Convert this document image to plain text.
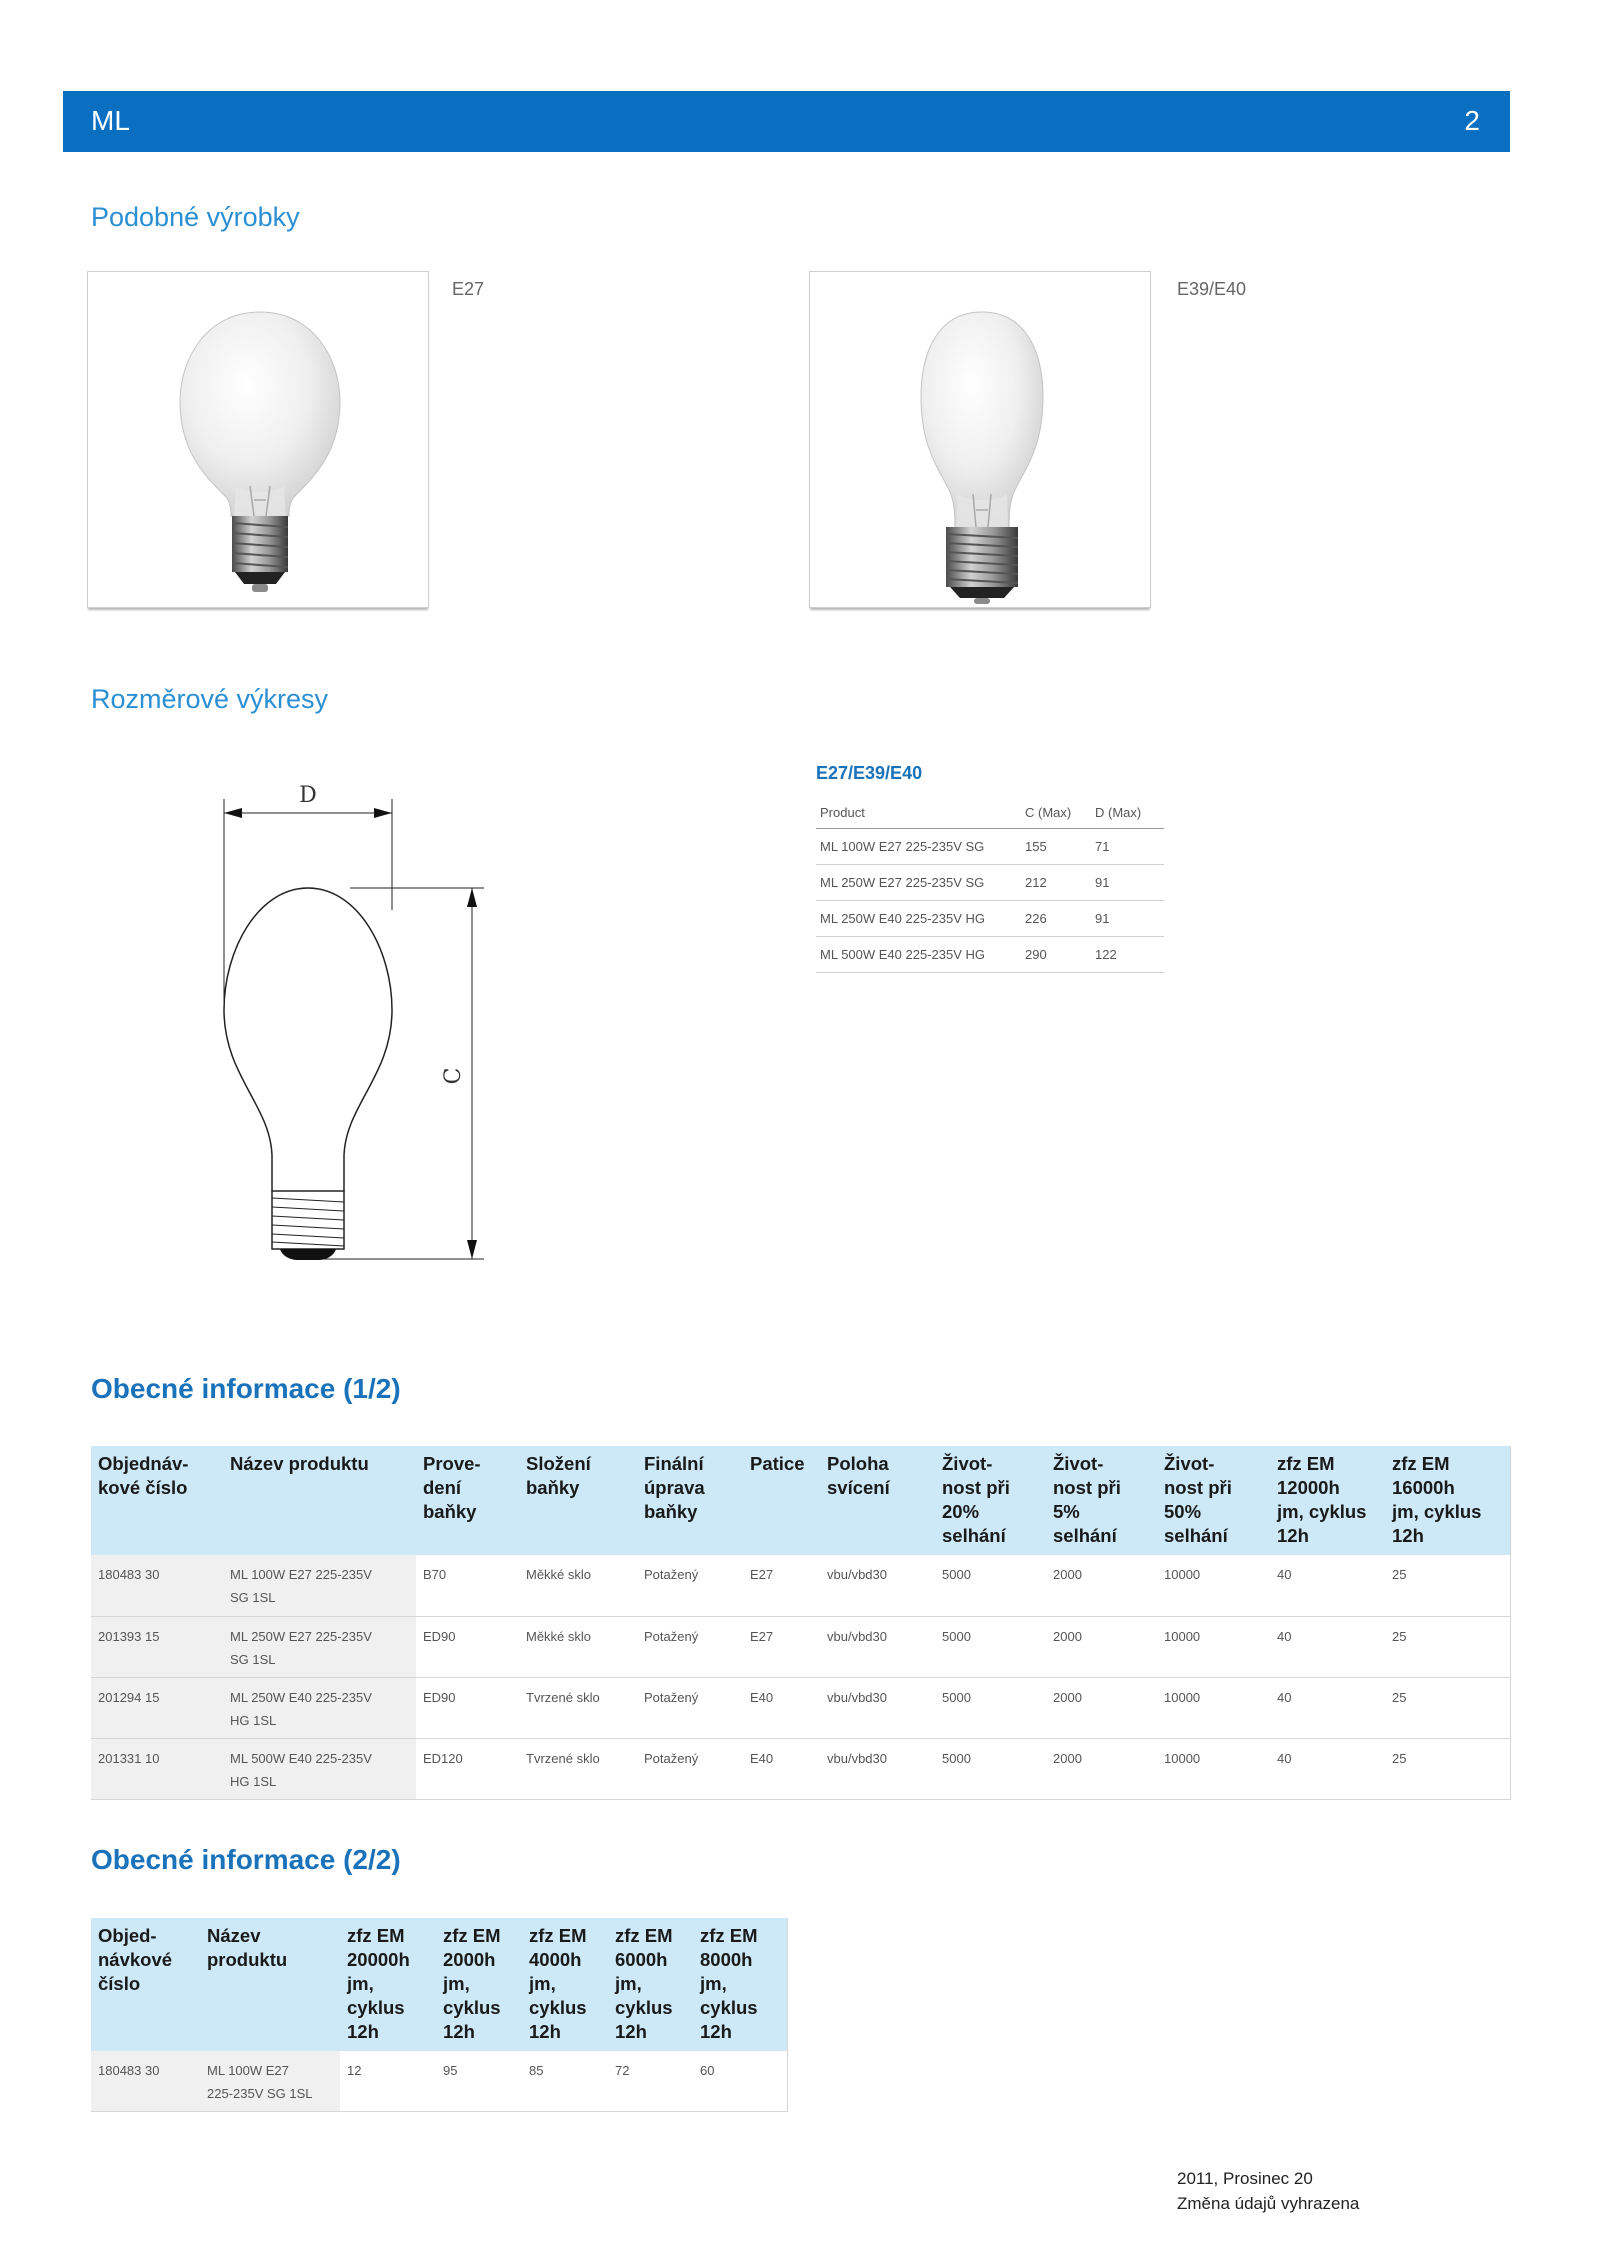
ML	2
Podobné výrobky
E27	E39/E40
Rozměrové výkresy
D
C
E27/E39/E40
Product	C (Max)	D (Max)
ML 100W E27 225-235V SG	155	71
ML 250W E27 225-235V SG	212	91
ML 250W E40 225-235V HG	226	91
ML 500W E40 225-235V HG	290	122
Obecné informace (1/2)
Objednáv-
kové číslo	Název produktu	Prove-
dení
baňky	Složení
baňky	Finální
úprava
baňky	Patice	Poloha
svícení	Život-
nost při
20%
selhání	Život-
nost při
5%
selhání	Život-
nost při
50%
selhání	zfz EM
12000h
jm, cyklus
12h	zfz EM
16000h
jm, cyklus
12h
180483 30	ML 100W E27 225-235V
SG 1SL	B70	Měkké sklo	Potažený	E27	vbu/vbd30	5000	2000	10000	40	25
201393 15	ML 250W E27 225-235V
SG 1SL	ED90	Měkké sklo	Potažený	E27	vbu/vbd30	5000	2000	10000	40	25
201294 15	ML 250W E40 225-235V
HG 1SL	ED90	Tvrzené sklo	Potažený	E40	vbu/vbd30	5000	2000	10000	40	25
201331 10	ML 500W E40 225-235V
HG 1SL	ED120	Tvrzené sklo	Potažený	E40	vbu/vbd30	5000	2000	10000	40	25
Obecné informace (2/2)
Objed-
návkové
číslo	Název
produktu	zfz EM
20000h
jm,
cyklus
12h	zfz EM
2000h
jm,
cyklus
12h	zfz EM
4000h
jm,
cyklus
12h	zfz EM
6000h
jm,
cyklus
12h	zfz EM
8000h
jm,
cyklus
12h
180483 30	ML 100W E27
225-235V SG 1SL	12	95	85	72	60
2011, Prosinec 20
Změna údajů vyhrazena
